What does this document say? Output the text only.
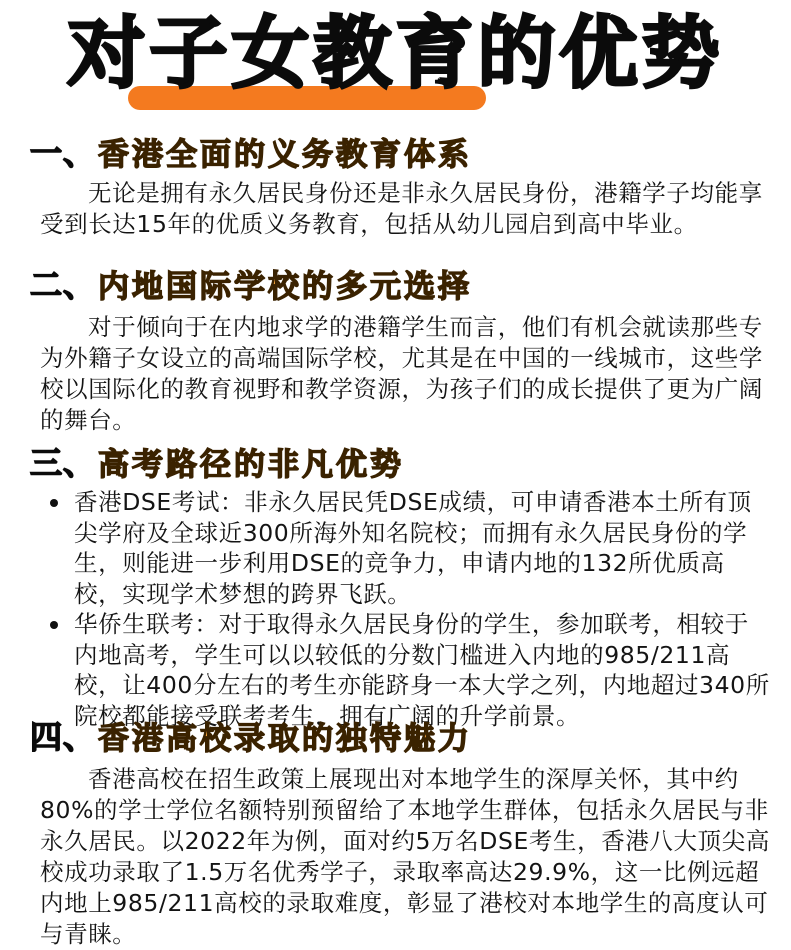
对子女教育的优势
一、 香港全面的义务教育体系

无论是拥有永久居民身份还是非永久居民身份，港籍学子均能享受到长达15年的优质义务教育，包括从幼儿园启到高中毕业。

二、 内地国际学校的多元选择

对于倾向于在内地求学的港籍学生而言，他们有机会就读那些专为外籍子女设立的高端国际学校，尤其是在中国的一线城市，这些学校以国际化的教育视野和教学资源，为孩子们的成长提供了更为广阔的舞台。

三、 高考路径的非凡优势
香港DSE考试：非永久居民凭DSE成绩，可申请香港本土所有顶尖学府及全球近300所海外知名院校；而拥有永久居民身份的学生，则能进一步利用DSE的竞争力，申请内地的132所优质高校，实现学术梦想的跨界飞跃。
华侨生联考：对于取得永久居民身份的学生，参加联考，相较于内地高考，学生可以以较低的分数门槛进入内地的985/211高校，让400分左右的考生亦能跻身一本大学之列，内地超过340所院校都能接受联考考生，拥有广阔的升学前景。
四、 香港高校录取的独特魅力

香港高校在招生政策上展现出对本地学生的深厚关怀，其中约80%的学士学位名额特别预留给了本地学生群体，包括永久居民与非永久居民。以2022年为例，面对约5万名DSE考生，香港八大顶尖高校成功录取了1.5万名优秀学子，录取率高达29.9%，这一比例远超内地上985/211高校的录取难度，彰显了港校对本地学生的高度认可与青睐。
